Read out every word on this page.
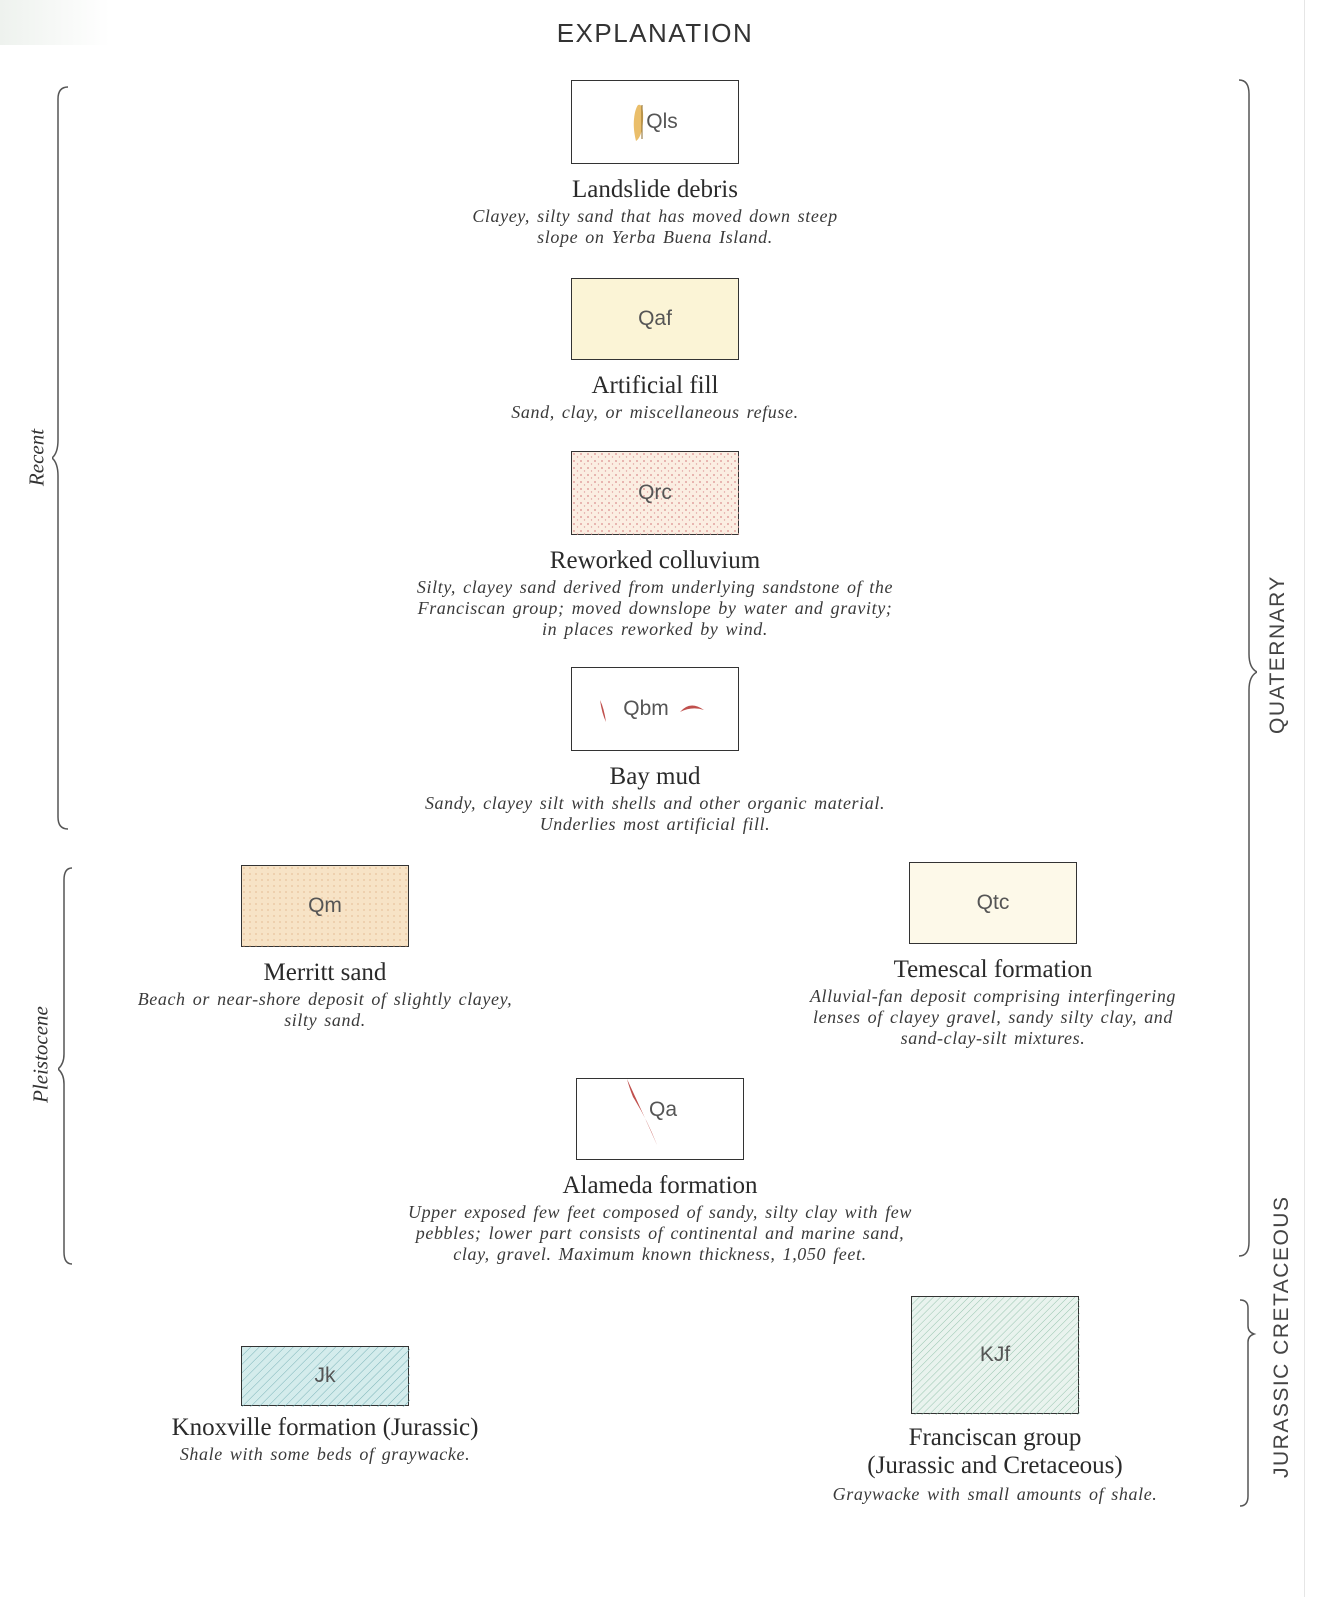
EXPLANATION
Recent
Pleistocene
QUATERNARY
JURASSIC CRETACEOUS
Qls
Landslide debris
Clayey, silty sand that has moved down steep
slope on Yerba Buena Island.
Qaf
Artificial fill
Sand, clay, or miscellaneous refuse.
Qrc
Reworked colluvium
Silty, clayey sand derived from underlying sandstone of the
Franciscan group; moved downslope by water and gravity;
in places reworked by wind.
Qbm
Bay mud
Sandy, clayey silt with shells and other organic material.
Underlies most artificial fill.
Qm
Merritt sand
Beach or near-shore deposit of slightly clayey,
silty sand.
Qtc
Temescal formation
Alluvial-fan deposit comprising interfingering
lenses of clayey gravel, sandy silty clay, and
sand-clay-silt mixtures.
Qa
Alameda formation
Upper exposed few feet composed of sandy, silty clay with few
pebbles; lower part consists of continental and marine sand,
clay, gravel. Maximum known thickness, 1,050 feet.
Jk
Knoxville formation (Jurassic)
Shale with some beds of graywacke.
KJf
Franciscan group
(Jurassic and Cretaceous)
Graywacke with small amounts of shale.
